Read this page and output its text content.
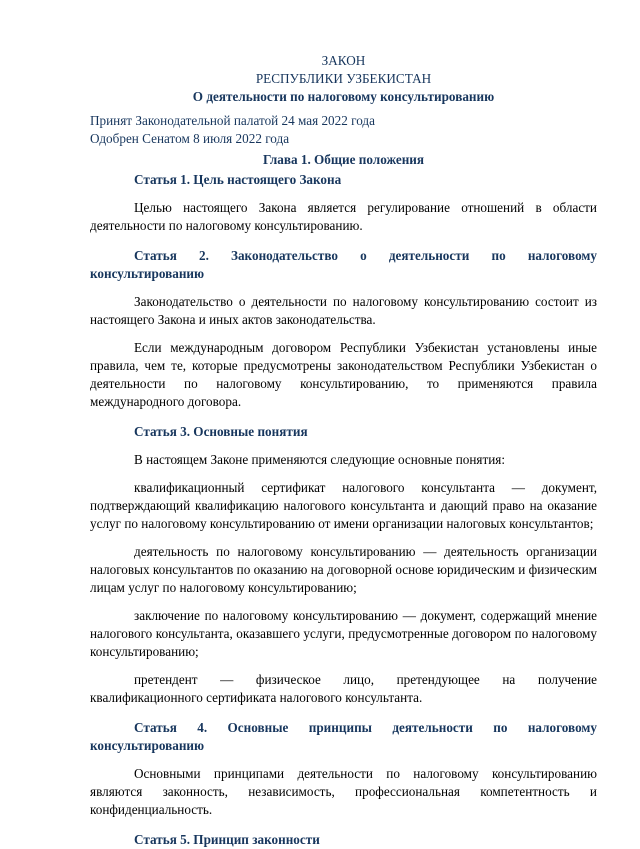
ЗАКОН
РЕСПУБЛИКИ УЗБЕКИСТАН
О деятельности по налоговому консультированию
Принят Законодательной палатой 24 мая 2022 года
Одобрен Сенатом 8 июля 2022 года
Глава 1. Общие положения
Статья 1. Цель настоящего Закона

Целью настоящего Закона является регулирование отношений в области деятельности по налоговому консультированию.

Статья 2. Законодательство о деятельности по налоговому консультированию

Законодательство о деятельности по налоговому консультированию состоит из настоящего Закона и иных актов законодательства.

Если международным договором Республики Узбекистан установлены иные правила, чем те, которые предусмотрены законодательством Республики Узбекистан о деятельности по налоговому консультированию, то применяются правила международного договора.

Статья 3. Основные понятия

В настоящем Законе применяются следующие основные понятия:

квалификационный сертификат налогового консультанта — документ, подтверждающий квалификацию налогового консультанта и дающий право на оказание услуг по налоговому консультированию от имени организации налоговых консультантов;

деятельность по налоговому консультированию — деятельность организации налоговых консультантов по оказанию на договорной основе юридическим и физическим лицам услуг по налоговому консультированию;

заключение по налоговому консультированию — документ, содержащий мнение налогового консультанта, оказавшего услуги, предусмотренные договором по налоговому консультированию;

претендент — физическое лицо, претендующее на получение квалификационного сертификата налогового консультанта.

Статья 4. Основные принципы деятельности по налоговому консультированию

Основными принципами деятельности по налоговому консультированию являются законность, независимость, профессиональная компетентность и конфиденциальность.

Статья 5. Принцип законности
